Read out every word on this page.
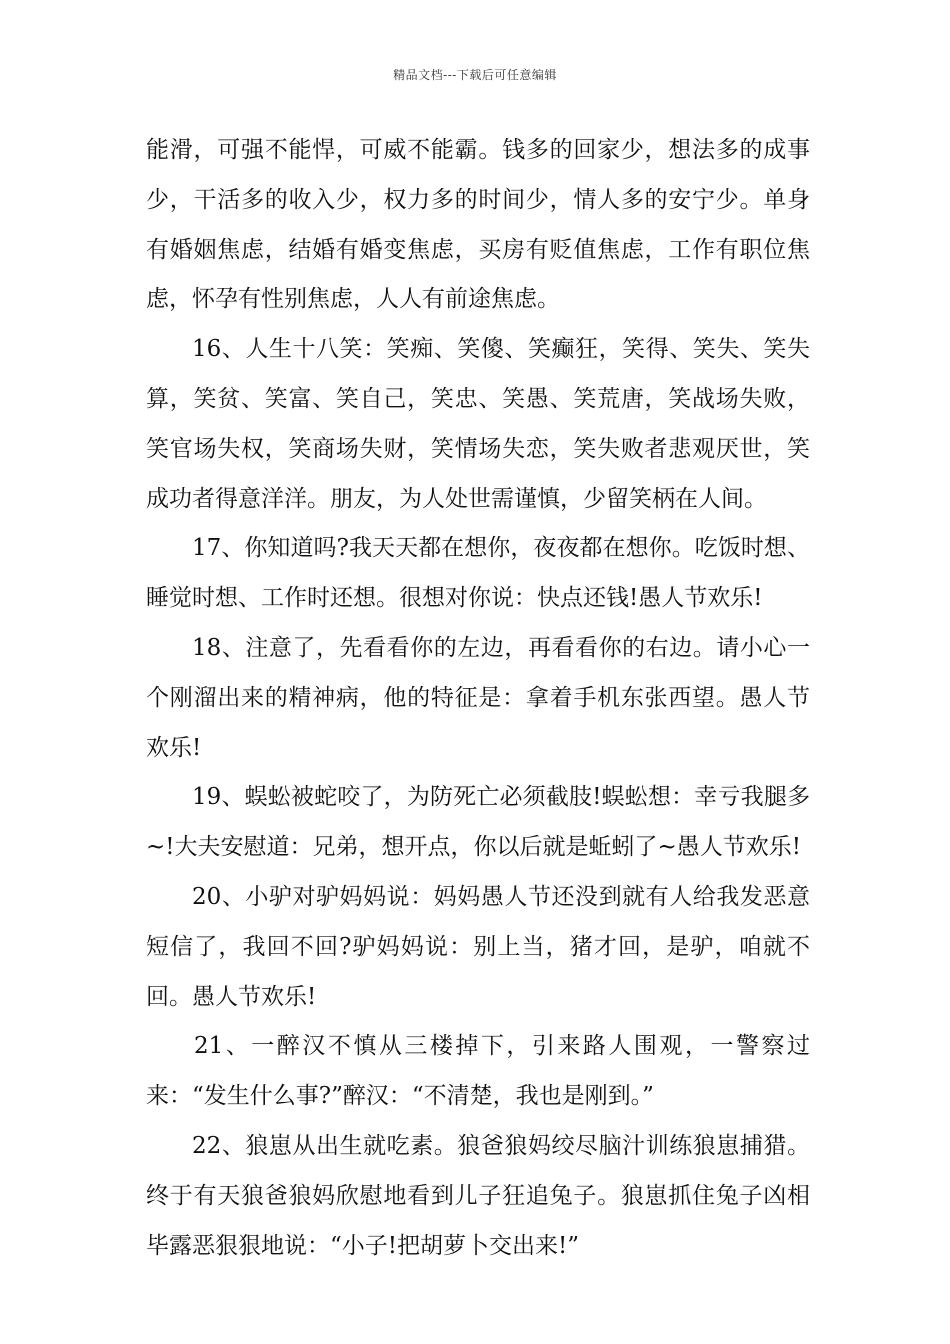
精品文档---下载后可任意编辑

能滑，可强不能悍，可威不能霸。钱多的回家少，想法多的成事少，干活多的收入少，权力多的时间少，情人多的安宁少。单身有婚姻焦虑，结婚有婚变焦虑，买房有贬值焦虑，工作有职位焦虑，怀孕有性别焦虑，人人有前途焦虑。

16、人生十八笑：笑痴、笑傻、笑癫狂，笑得、笑失、笑失算，笑贫、笑富、笑自己，笑忠、笑愚、笑荒唐，笑战场失败，笑官场失权，笑商场失财，笑情场失恋，笑失败者悲观厌世，笑成功者得意洋洋。朋友，为人处世需谨慎，少留笑柄在人间。

17、你知道吗?我天天都在想你，夜夜都在想你。吃饭时想、睡觉时想、工作时还想。很想对你说：快点还钱!愚人节欢乐!

18、注意了，先看看你的左边，再看看你的右边。请小心一个刚溜出来的精神病，他的特征是：拿着手机东张西望。愚人节欢乐!

19、蜈蚣被蛇咬了，为防死亡必须截肢!蜈蚣想：幸亏我腿多~!大夫安慰道：兄弟，想开点，你以后就是蚯蚓了~愚人节欢乐!

20、小驴对驴妈妈说：妈妈愚人节还没到就有人给我发恶意短信了，我回不回?驴妈妈说：别上当，猪才回，是驴，咱就不回。愚人节欢乐!

21、一醉汉不慎从三楼掉下，引来路人围观，一警察过来：“发生什么事?”醉汉：“不清楚，我也是刚到。”

22、狼崽从出生就吃素。狼爸狼妈绞尽脑汁训练狼崽捕猎。终于有天狼爸狼妈欣慰地看到儿子狂追兔子。狼崽抓住兔子凶相毕露恶狠狠地说：“小子!把胡萝卜交出来!”
